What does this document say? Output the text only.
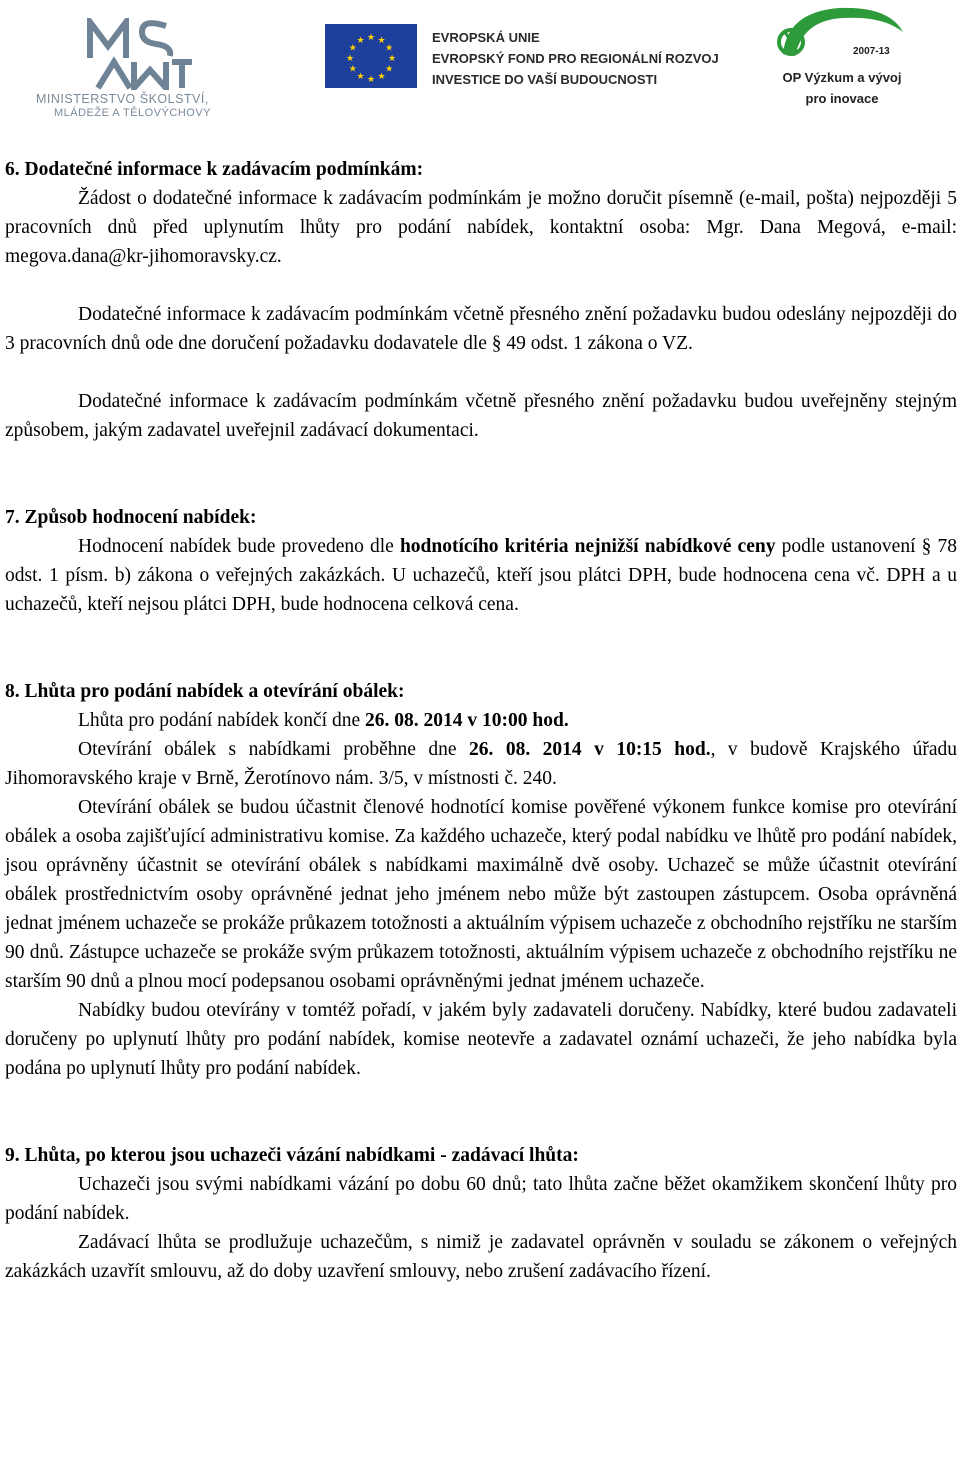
MINISTERSTVO ŠKOLSTVÍ,
MLÁDEŽE A TĚLOVÝCHOVY
★ ★
★
★
★
★
★
★
★
★
★
★	EVROPSKÁ UNIE
EVROPSKÝ FOND PRO REGIONÁLNÍ ROZVOJ
INVESTICE DO VAŠÍ BUDOUCNOSTI
2007-13
OP Výzkum a vývoj
pro inovace

6. Dodatečné informace k zadávacím podmínkám:

Žádost o dodatečné informace k zadávacím podmínkám je možno doručit písemně (e-mail, pošta) nejpozději 5 pracovních dnů před uplynutím lhůty pro podání nabídek, kontaktní osoba: Mgr. Dana Megová, e-mail: megova.dana@kr-jihomoravsky.cz.

Dodatečné informace k zadávacím podmínkám včetně přesného znění požadavku budou odeslány nejpozději do 3 pracovních dnů ode dne doručení požadavku dodavatele dle § 49 odst. 1 zákona o VZ.

Dodatečné informace k zadávacím podmínkám včetně přesného znění požadavku budou uveřejněny stejným způsobem, jakým zadavatel uveřejnil zadávací dokumentaci.

7. Způsob hodnocení nabídek:

Hodnocení nabídek bude provedeno dle hodnotícího kritéria nejnižší nabídkové ceny podle ustanovení § 78 odst. 1 písm. b) zákona o veřejných zakázkách. U uchazečů, kteří jsou plátci DPH, bude hodnocena cena vč. DPH a u uchazečů, kteří nejsou plátci DPH, bude hodnocena celková cena.

8. Lhůta pro podání nabídek a otevírání obálek:

Lhůta pro podání nabídek končí dne 26. 08. 2014 v 10:00 hod.

Otevírání obálek s nabídkami proběhne dne 26. 08. 2014 v 10:15 hod., v budově Krajského úřadu Jihomoravského kraje v Brně, Žerotínovo nám. 3/5, v místnosti č. 240.

Otevírání obálek se budou účastnit členové hodnotící komise pověřené výkonem funkce komise pro otevírání obálek a osoba zajišťující administrativu komise. Za každého uchazeče, který podal nabídku ve lhůtě pro podání nabídek, jsou oprávněny účastnit se otevírání obálek s nabídkami maximálně dvě osoby. Uchazeč se může účastnit otevírání obálek prostřednictvím osoby oprávněné jednat jeho jménem nebo může být zastoupen zástupcem. Osoba oprávněná jednat jménem uchazeče se prokáže průkazem totožnosti a aktuálním výpisem uchazeče z obchodního rejstříku ne starším 90 dnů. Zástupce uchazeče se prokáže svým průkazem totožnosti, aktuálním výpisem uchazeče z obchodního rejstříku ne starším 90 dnů a plnou mocí podepsanou osobami oprávněnými jednat jménem uchazeče.

Nabídky budou otevírány v tomtéž pořadí, v jakém byly zadavateli doručeny. Nabídky, které budou zadavateli doručeny po uplynutí lhůty pro podání nabídek, komise neotevře a zadavatel oznámí uchazeči, že jeho nabídka byla podána po uplynutí lhůty pro podání nabídek.

9. Lhůta, po kterou jsou uchazeči vázání nabídkami - zadávací lhůta:

Uchazeči jsou svými nabídkami vázání po dobu 60 dnů; tato lhůta začne běžet okamžikem skončení lhůty pro podání nabídek.

Zadávací lhůta se prodlužuje uchazečům, s nimiž je zadavatel oprávněn v souladu se zákonem o veřejných zakázkách uzavřít smlouvu, až do doby uzavření smlouvy, nebo zrušení zadávacího řízení.
